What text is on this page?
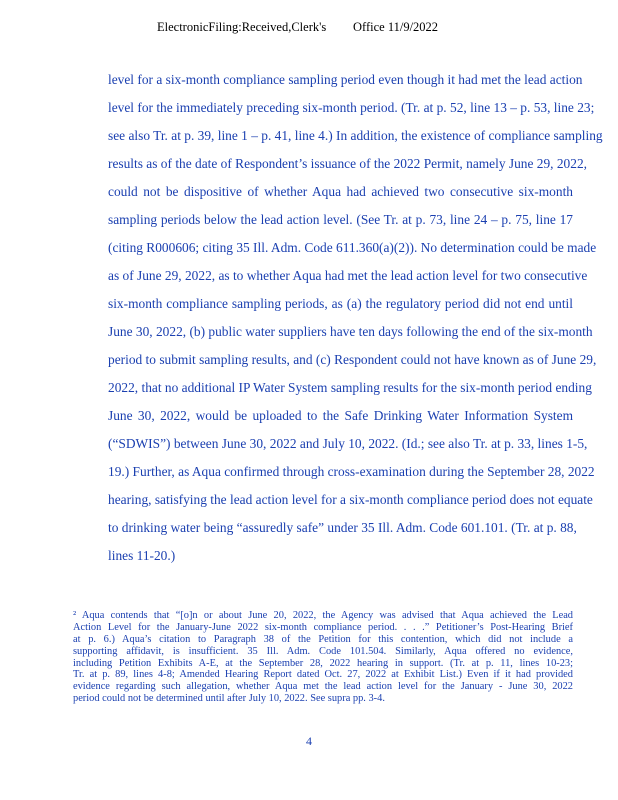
ElectronicFiling:Received,Clerk's Office 11/9/2022
level for a six-month compliance sampling period even though it had met the lead action
level for the immediately preceding six-month period. (Tr. at p. 52, line 13 – p. 53, line 23;
see also Tr. at p. 39, line 1 – p. 41, line 4.) In addition, the existence of compliance sampling
results as of the date of Respondent’s issuance of the 2022 Permit, namely June 29, 2022,
could not be dispositive of whether Aqua had achieved two consecutive six-month
sampling periods below the lead action level. (See Tr. at p. 73, line 24 – p. 75, line 17
(citing R000606; citing 35 Ill. Adm. Code 611.360(a)(2)). No determination could be made
as of June 29, 2022, as to whether Aqua had met the lead action level for two consecutive
six-month compliance sampling periods, as (a) the regulatory period did not end until
June 30, 2022, (b) public water suppliers have ten days following the end of the six-month
period to submit sampling results, and (c) Respondent could not have known as of June 29,
2022, that no additional IP Water System sampling results for the six-month period ending
June 30, 2022, would be uploaded to the Safe Drinking Water Information System
(“SDWIS”) between June 30, 2022 and July 10, 2022. (Id.; see also Tr. at p. 33, lines 1-5,
19.) Further, as Aqua confirmed through cross-examination during the September 28, 2022
hearing, satisfying the lead action level for a six-month compliance period does not equate
to drinking water being “assuredly safe” under 35 Ill. Adm. Code 601.101. (Tr. at p. 88,
lines 11-20.)
² Aqua contends that “[o]n or about June 20, 2022, the Agency was advised that Aqua achieved the Lead
Action Level for the January-June 2022 six-month compliance period. . . .” Petitioner’s Post-Hearing Brief
at p. 6.) Aqua’s citation to Paragraph 38 of the Petition for this contention, which did not include a
supporting affidavit, is insufficient. 35 Ill. Adm. Code 101.504. Similarly, Aqua offered no evidence,
including Petition Exhibits A-E, at the September 28, 2022 hearing in support. (Tr. at p. 11, lines 10-23;
Tr. at p. 89, lines 4-8; Amended Hearing Report dated Oct. 27, 2022 at Exhibit List.) Even if it had provided
evidence regarding such allegation, whether Aqua met the lead action level for the January - June 30, 2022
period could not be determined until after July 10, 2022. See supra pp. 3-4.
4
